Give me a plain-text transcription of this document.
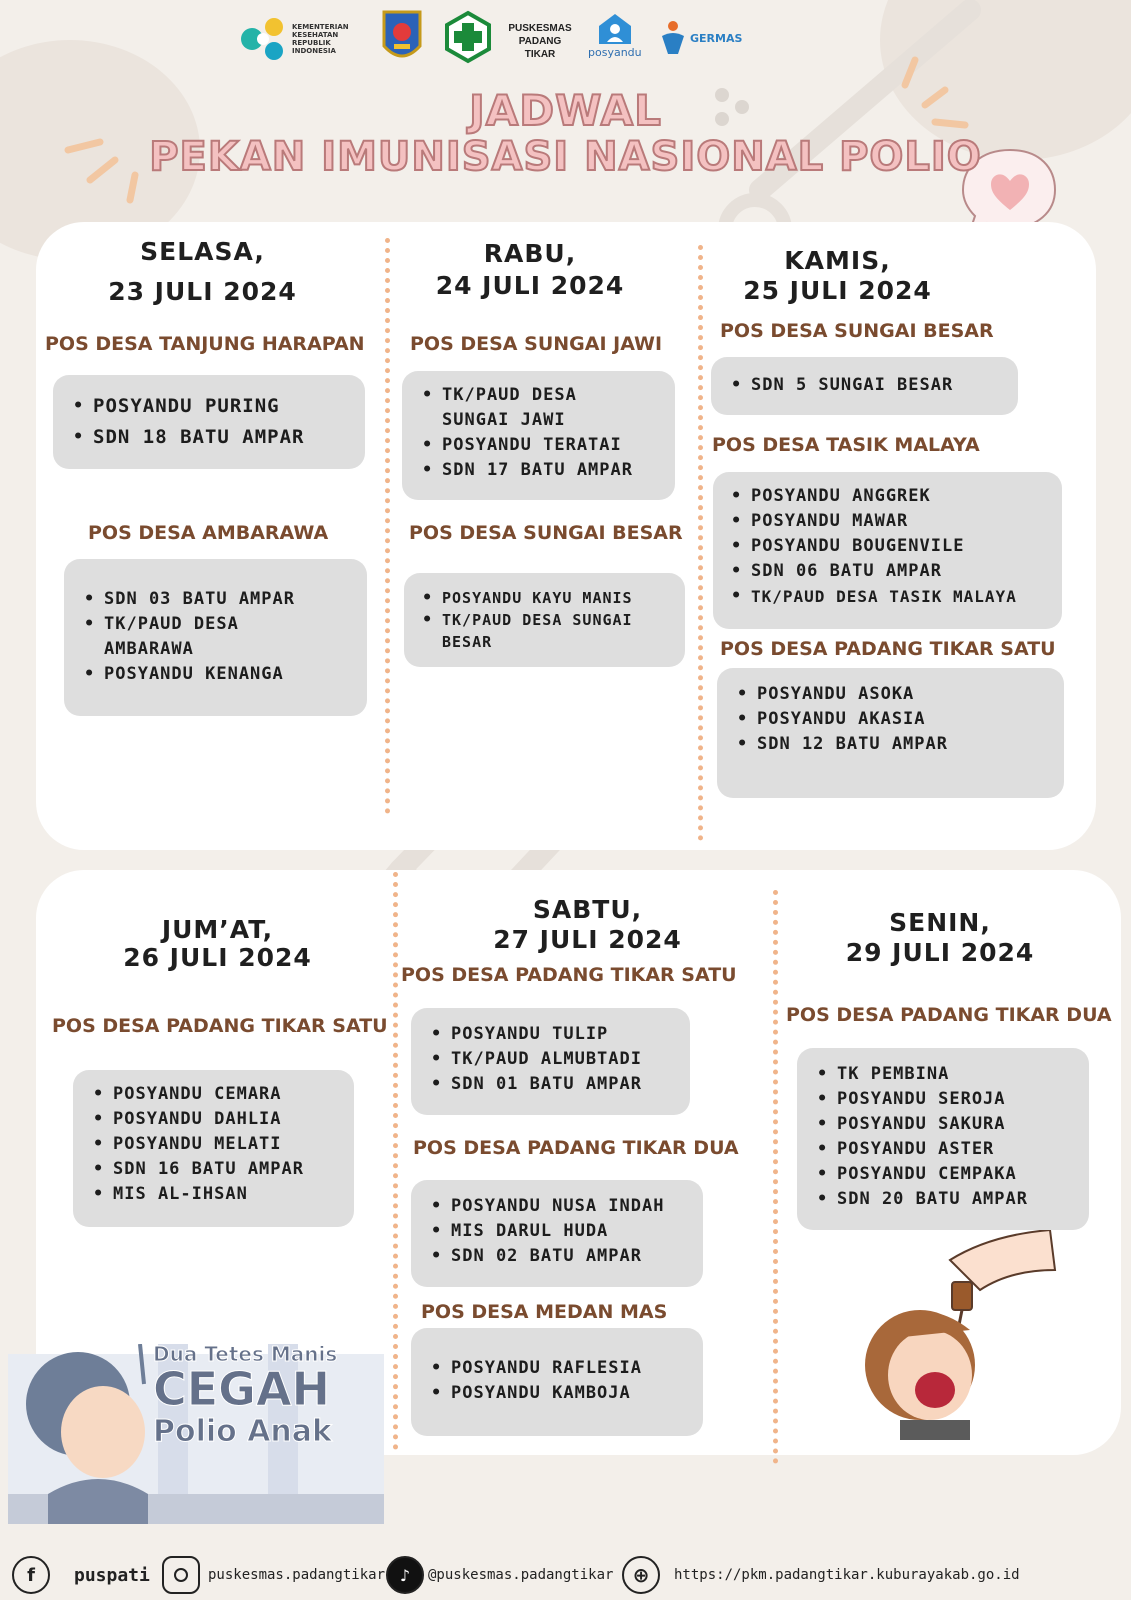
KEMENTERIAN KESEHATAN REPUBLIK INDONESIA
PUSKESMAS PADANG TIKAR	posyandu
GERMAS
JADWAL
PEKAN IMUNISASI NASIONAL POLIO
SELASA,
23 JULI 2024
POS DESA TANJUNG HARAPAN
• POSYANDU PURING
• SDN 18 BATU AMPAR
POS DESA AMBARAWA
• SDN 03 BATU AMPAR
• TK/PAUD DESA AMBARAWA
• POSYANDU KENANGA
RABU,
24 JULI 2024
POS DESA SUNGAI JAWI
• TK/PAUD DESA SUNGAI JAWI
• POSYANDU TERATAI
• SDN 17 BATU AMPAR
POS DESA SUNGAI BESAR
• POSYANDU KAYU MANIS
• TK/PAUD DESA SUNGAI BESAR
KAMIS,
25 JULI 2024
POS DESA SUNGAI BESAR
• SDN 5 SUNGAI BESAR
POS DESA TASIK MALAYA
• POSYANDU ANGGREK
• POSYANDU MAWAR
• POSYANDU BOUGENVILE
• SDN 06 BATU AMPAR
• TK/PAUD DESA TASIK MALAYA
POS DESA PADANG TIKAR SATU
• POSYANDU ASOKA
• POSYANDU AKASIA
• SDN 12 BATU AMPAR
JUM’AT,
26 JULI 2024
POS DESA PADANG TIKAR SATU
• POSYANDU CEMARA
• POSYANDU DAHLIA
• POSYANDU MELATI
• SDN 16 BATU AMPAR
• MIS AL-IHSAN
SABTU,
27 JULI 2024
POS DESA PADANG TIKAR SATU
• POSYANDU TULIP
• TK/PAUD ALMUBTADI
• SDN 01 BATU AMPAR
POS DESA PADANG TIKAR DUA
• POSYANDU NUSA INDAH
• MIS DARUL HUDA
• SDN 02 BATU AMPAR
POS DESA MEDAN MAS
• POSYANDU RAFLESIA
• POSYANDU KAMBOJA
SENIN,
29 JULI 2024
POS DESA PADANG TIKAR DUA
• TK PEMBINA
• POSYANDU SEROJA
• POSYANDU SAKURA
• POSYANDU ASTER
• POSYANDU CEMPAKA
• SDN 20 BATU AMPAR
Dua Tetes Manis
CEGAH
Polio Anak
f	puspati	puskesmas.padangtikar ♪	@puskesmas.padangtikar ⊕	https://pkm.padangtikar.kuburayakab.go.id
